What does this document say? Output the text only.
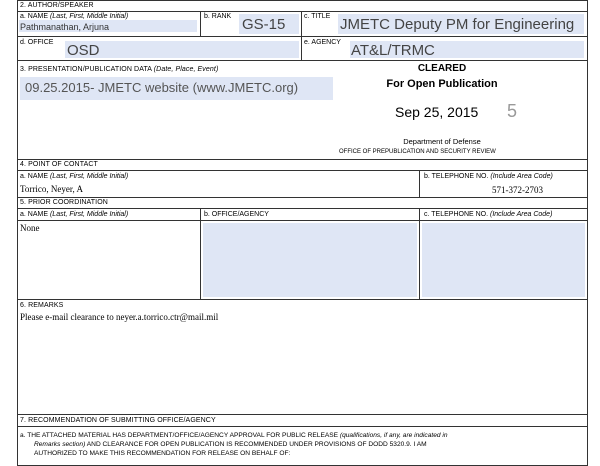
2. AUTHOR/SPEAKER
a. NAME (Last, First, Middle Initial)
Pathmanathan, Arjuna
b. RANK GS-15	c. TITLE JMETC Deputy PM for Engineering
d. OFFICE OSD	e. AGENCY AT&L/TRMC
3. PRESENTATION/PUBLICATION DATA (Date, Place, Event)
09.25.2015- JMETC website (www.JMETC.org)
CLEARED
For Open Publication
Sep 25, 2015 5
Department of Defense
OFFICE OF PREPUBLICATION AND SECURITY REVIEW
4. POINT OF CONTACT
a. NAME (Last, First, Middle Initial)
Torrico, Neyer, A
b. TELEPHONE NO. (Include Area Code)
571-372-2703
5. PRIOR COORDINATION
a. NAME (Last, First, Middle Initial)	b. OFFICE/AGENCY	c. TELEPHONE NO. (Include Area Code)
None
6. REMARKS
Please e-mail clearance to neyer.a.torrico.ctr@mail.mil
7. RECOMMENDATION OF SUBMITTING OFFICE/AGENCY
a. THE ATTACHED MATERIAL HAS DEPARTMENT/OFFICE/AGENCY APPROVAL FOR PUBLIC RELEASE (qualifications, if any, are indicated in
Remarks section) AND CLEARANCE FOR OPEN PUBLICATION IS RECOMMENDED UNDER PROVISIONS OF DODD 5320.9. I AM
AUTHORIZED TO MAKE THIS RECOMMENDATION FOR RELEASE ON BEHALF OF:
